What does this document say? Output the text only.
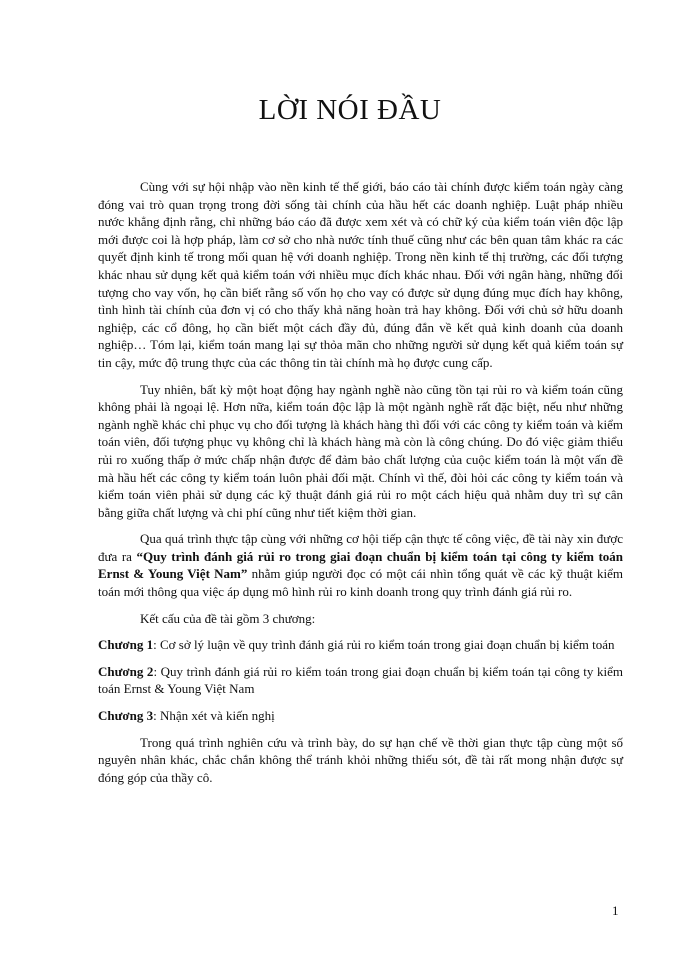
LỜI NÓI ĐẦU

Cùng với sự hội nhập vào nền kinh tế thế giới, báo cáo tài chính được kiểm toán ngày càng đóng vai trò quan trọng trong đời sống tài chính của hầu hết các doanh nghiệp. Luật pháp nhiều nước khẳng định rằng, chỉ những báo cáo đã được xem xét và có chữ ký của kiểm toán viên độc lập mới được coi là hợp pháp, làm cơ sở cho nhà nước tính thuế cũng như các bên quan tâm khác ra các quyết định kinh tế trong mối quan hệ với doanh nghiệp. Trong nền kinh tế thị trường, các đối tượng khác nhau sử dụng kết quả kiểm toán với nhiều mục đích khác nhau. Đối với ngân hàng, những đối tượng cho vay vốn, họ cần biết rằng số vốn họ cho vay có được sử dụng đúng mục đích hay không, tình hình tài chính của đơn vị có cho thấy khả năng hoàn trả hay không. Đối với chủ sở hữu doanh nghiệp, các cổ đông, họ cần biết một cách đầy đủ, đúng đắn về kết quả kinh doanh của doanh nghiệp… Tóm lại, kiểm toán mang lại sự thỏa mãn cho những người sử dụng kết quả kiểm toán sự tin cậy, mức độ trung thực của các thông tin tài chính mà họ được cung cấp.

Tuy nhiên, bất kỳ một hoạt động hay ngành nghề nào cũng tồn tại rủi ro và kiểm toán cũng không phải là ngoại lệ. Hơn nữa, kiểm toán độc lập là một ngành nghề rất đặc biệt, nếu như những ngành nghề khác chỉ phục vụ cho đối tượng là khách hàng thì đối với các công ty kiểm toán và kiểm toán viên, đối tượng phục vụ không chỉ là khách hàng mà còn là công chúng. Do đó việc giảm thiểu rủi ro xuống thấp ở mức chấp nhận được để đảm bảo chất lượng của cuộc kiểm toán là một vấn đề mà hầu hết các công ty kiểm toán luôn phải đối mặt. Chính vì thế, đòi hỏi các công ty kiểm toán và kiểm toán viên phải sử dụng các kỹ thuật đánh giá rủi ro một cách hiệu quả nhằm duy trì sự cân bằng giữa chất lượng và chi phí cũng như tiết kiệm thời gian.

Qua quá trình thực tập cùng với những cơ hội tiếp cận thực tế công việc, đề tài này xin được đưa ra “Quy trình đánh giá rủi ro trong giai đoạn chuẩn bị kiểm toán tại công ty kiểm toán Ernst & Young Việt Nam” nhằm giúp người đọc có một cái nhìn tổng quát về các kỹ thuật kiểm toán mới thông qua việc áp dụng mô hình rủi ro kinh doanh trong quy trình đánh giá rủi ro.

Kết cấu của đề tài gồm 3 chương:

Chương 1: Cơ sở lý luận về quy trình đánh giá rủi ro kiểm toán trong giai đoạn chuẩn bị kiểm toán

Chương 2: Quy trình đánh giá rủi ro kiểm toán trong giai đoạn chuẩn bị kiểm toán tại công ty kiểm toán Ernst & Young Việt Nam

Chương 3: Nhận xét và kiến nghị

Trong quá trình nghiên cứu và trình bày, do sự hạn chế về thời gian thực tập cùng một số nguyên nhân khác, chắc chắn không thể tránh khỏi những thiếu sót, đề tài rất mong nhận được sự đóng góp của thầy cô.

1
